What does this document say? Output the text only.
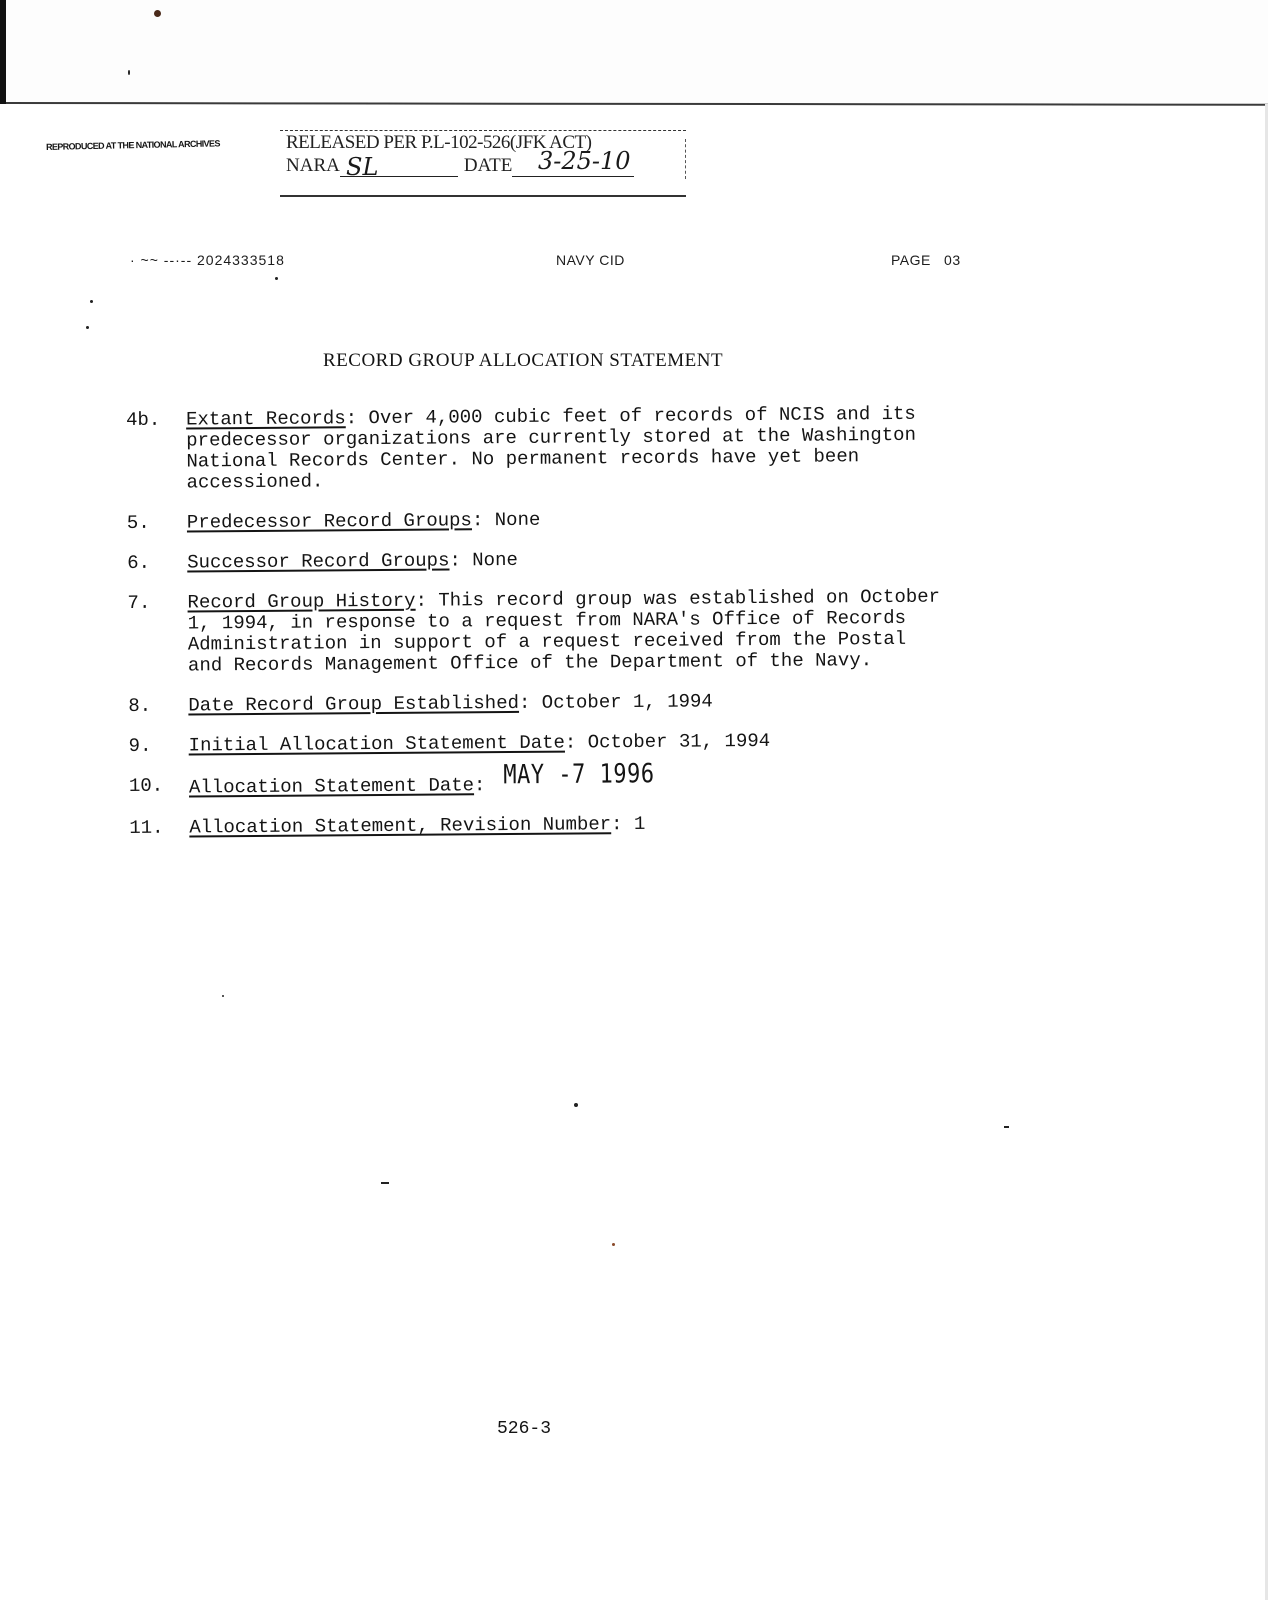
REPRODUCED AT THE NATIONAL ARCHIVES	RELEASED PER P.L-102-526(JFK ACT)
NARA	DATE
SL	3-25-10
· ~~ --·-- 2024333518	NAVY CID	PAGE 03
RECORD GROUP ALLOCATION STATEMENT
4b. Extant Records: Over 4,000 cubic feet of records of NCIS and its predecessor organizations are currently stored at the Washington National Records Center. No permanent records have yet been accessioned.
5. Predecessor Record Groups: None
6. Successor Record Groups: None
7. Record Group History: This record group was established on October 1, 1994, in response to a request from NARA's Office of Records Administration in support of a request received from the Postal and Records Management Office of the Department of the Navy.
8. Date Record Group Established: October 1, 1994
9. Initial Allocation Statement Date: October 31, 1994
10. Allocation Statement Date: MAY -7 1996
11. Allocation Statement, Revision Number: 1
526-3
